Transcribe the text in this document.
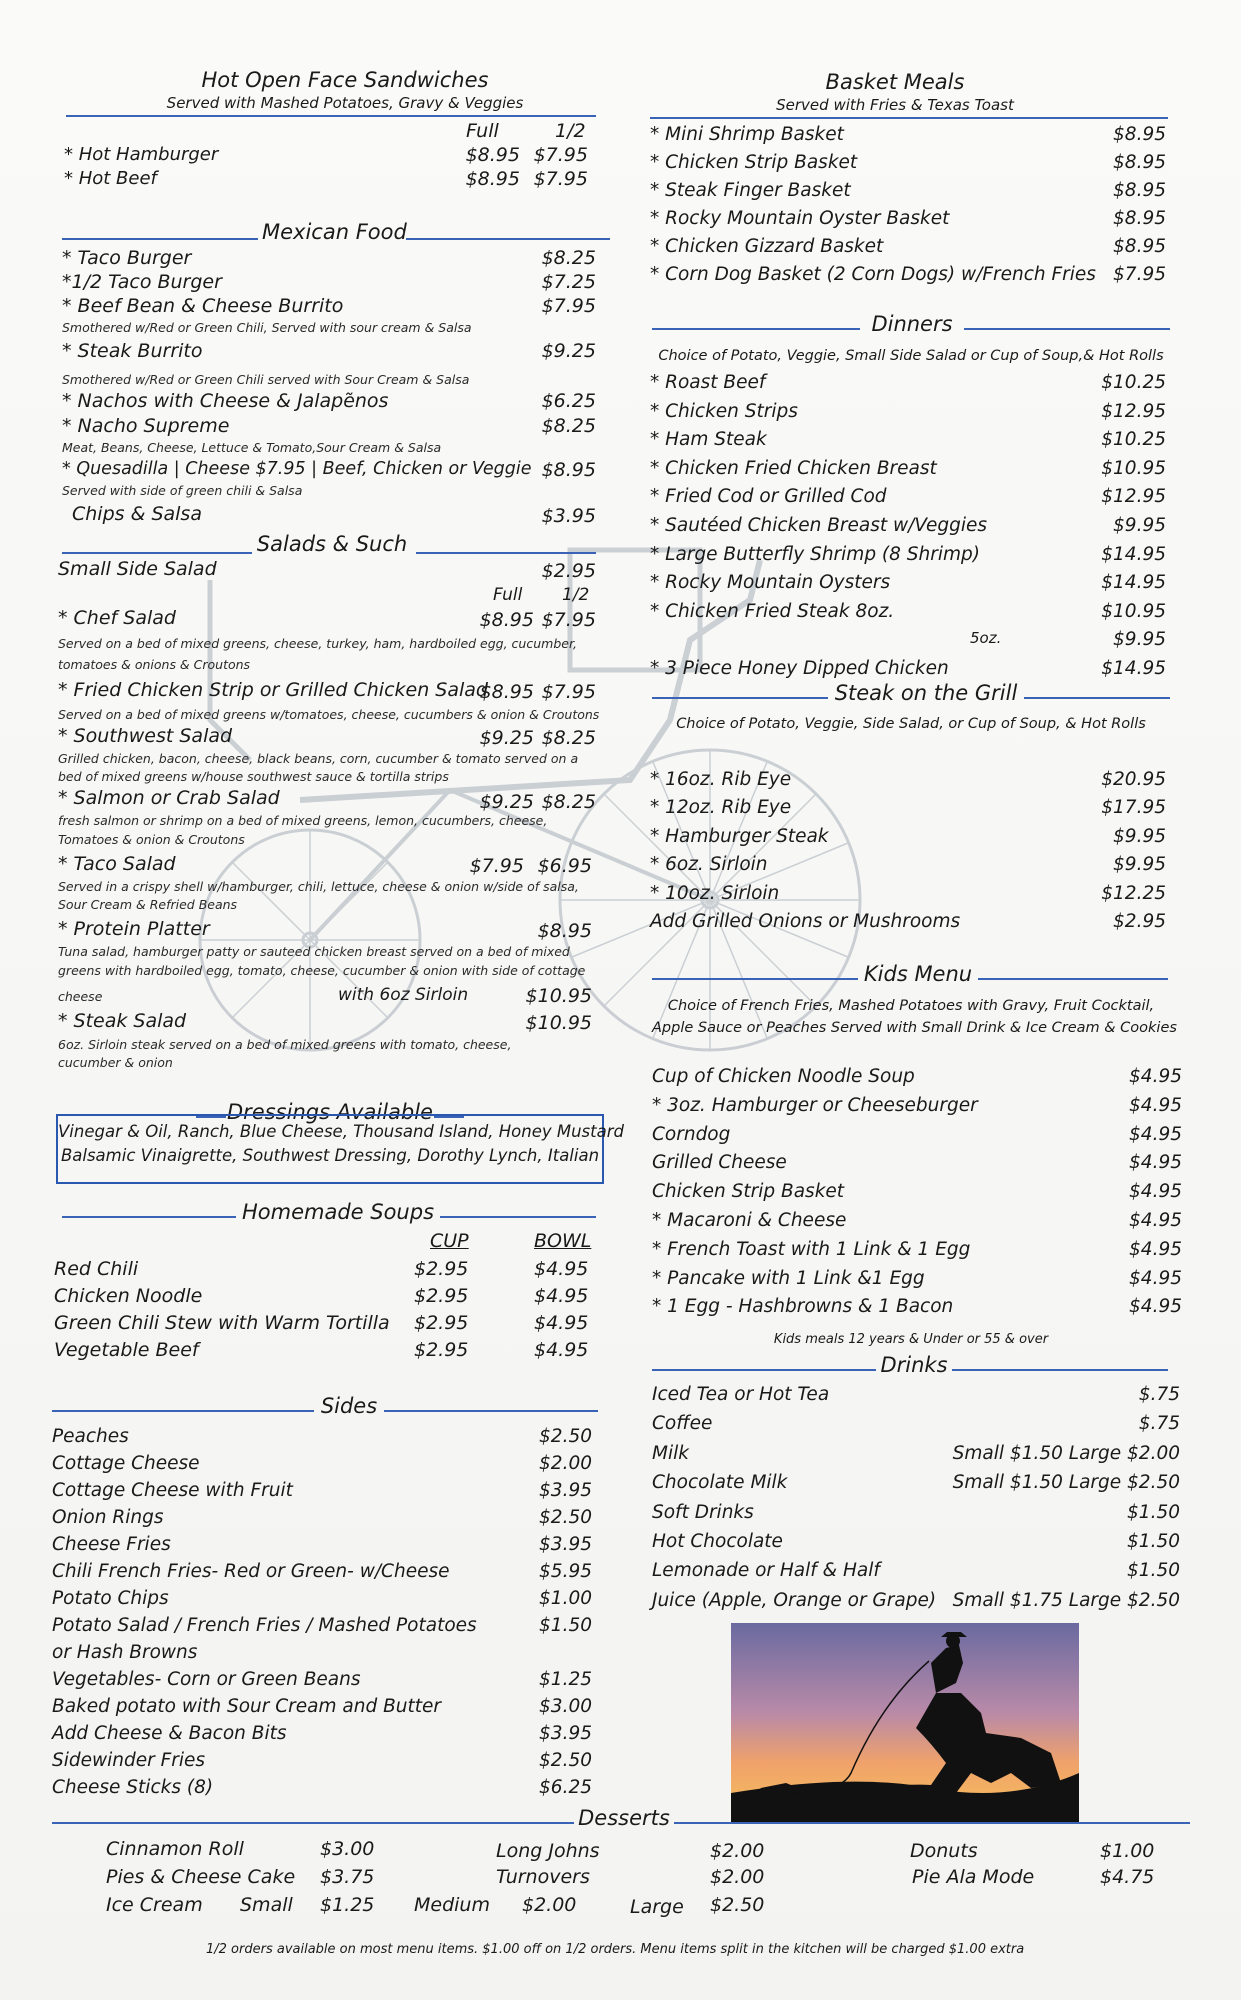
Hot Open Face Sandwiches
Served with Mashed Potatoes, Gravy & Veggies
Full	1/2
* Hot Hamburger	$8.95 $7.95
* Hot Beef	$8.95 $7.95
Mexican Food
* Taco Burger	$8.25
*1/2 Taco Burger	$7.25
* Beef Bean & Cheese Burrito	$7.95
Smothered w/Red or Green Chili, Served with sour cream & Salsa
* Steak Burrito	$9.25
Smothered w/Red or Green Chili served with Sour Cream & Salsa
* Nachos with Cheese & Jalapẽnos	$6.25
* Nacho Supreme	$8.25
Meat, Beans, Cheese, Lettuce & Tomato,Sour Cream & Salsa
* Quesadilla | Cheese $7.95 | Beef, Chicken or Veggie $8.95
Served with side of green chili & Salsa
Chips & Salsa	$3.95
Salads & Such
Small Side Salad	$2.95
Full 1/2
* Chef Salad	$8.95 $7.95
Served on a bed of mixed greens, cheese, turkey, ham, hardboiled egg, cucumber,
tomatoes & onions & Croutons
* Fried Chicken Strip or Grilled Chicken Salad
$8.95 $7.95
Served on a bed of mixed greens w/tomatoes, cheese, cucumbers & onion & Croutons
* Southwest Salad	$9.25 $8.25
Grilled chicken, bacon, cheese, black beans, corn, cucumber & tomato served on a
bed of mixed greens w/house southwest sauce & tortilla strips
* Salmon or Crab Salad	$9.25 $8.25
fresh salmon or shrimp on a bed of mixed greens, lemon, cucumbers, cheese,
Tomatoes & onion & Croutons
* Taco Salad	$7.95 $6.95
Served in a crispy shell w/hamburger, chili, lettuce, cheese & onion w/side of salsa,
Sour Cream & Refried Beans
* Protein Platter	$8.95
Tuna salad, hamburger patty or sauteed chicken breast served on a bed of mixed
greens with hardboiled egg, tomato, cheese, cucumber & onion with side of cottage
cheese	with 6oz Sirloin	$10.95
* Steak Salad	$10.95
6oz. Sirloin steak served on a bed of mixed greens with tomato, cheese,
cucumber & onion
Dressings Available
Vinegar & Oil, Ranch, Blue Cheese, Thousand Island, Honey Mustard
Balsamic Vinaigrette, Southwest Dressing, Dorothy Lynch, Italian
Homemade Soups
CUP	BOWL
Red Chili	$2.95	$4.95
Chicken Noodle	$2.95	$4.95
Green Chili Stew with Warm Tortilla $2.95	$4.95
Vegetable Beef	$2.95	$4.95
Sides
Peaches	$2.50
Cottage Cheese	$2.00
Cottage Cheese with Fruit	$3.95
Onion Rings	$2.50
Cheese Fries	$3.95
Chili French Fries- Red or Green- w/Cheese	$5.95
Potato Chips	$1.00
Potato Salad / French Fries / Mashed Potatoes	$1.50
or Hash Browns
Vegetables- Corn or Green Beans	$1.25
Baked potato with Sour Cream and Butter	$3.00
Add Cheese & Bacon Bits	$3.95
Sidewinder Fries	$2.50
Cheese Sticks (8)	$6.25
Basket Meals
Served with Fries & Texas Toast
* Mini Shrimp Basket	$8.95
* Chicken Strip Basket	$8.95
* Steak Finger Basket	$8.95
* Rocky Mountain Oyster Basket	$8.95
* Chicken Gizzard Basket	$8.95
* Corn Dog Basket (2 Corn Dogs) w/French Fries $7.95
Dinners
Choice of Potato, Veggie, Small Side Salad or Cup of Soup,& Hot Rolls
* Roast Beef	$10.25
* Chicken Strips	$12.95
* Ham Steak	$10.25
* Chicken Fried Chicken Breast	$10.95
* Fried Cod or Grilled Cod	$12.95
* Sautéed Chicken Breast w/Veggies	$9.95
* Large Butterfly Shrimp (8 Shrimp)	$14.95
* Rocky Mountain Oysters	$14.95
* Chicken Fried Steak 8oz.	$10.95
5oz.	$9.95
* 3 Piece Honey Dipped Chicken	$14.95
Steak on the Grill
Choice of Potato, Veggie, Side Salad, or Cup of Soup, & Hot Rolls
* 16oz. Rib Eye	$20.95
* 12oz. Rib Eye	$17.95
* Hamburger Steak	$9.95
* 6oz. Sirloin	$9.95
* 10oz. Sirloin	$12.25
Add Grilled Onions or Mushrooms	$2.95
Kids Menu
Choice of French Fries, Mashed Potatoes with Gravy, Fruit Cocktail,
Apple Sauce or Peaches Served with Small Drink & Ice Cream & Cookies
Cup of Chicken Noodle Soup	$4.95
* 3oz. Hamburger or Cheeseburger	$4.95
Corndog	$4.95
Grilled Cheese	$4.95
Chicken Strip Basket	$4.95
* Macaroni & Cheese	$4.95
* French Toast with 1 Link & 1 Egg	$4.95
* Pancake with 1 Link &1 Egg	$4.95
* 1 Egg - Hashbrowns & 1 Bacon	$4.95
Kids meals 12 years & Under or 55 & over
Drinks
Iced Tea or Hot Tea	$.75
Coffee	$.75
Milk	Small $1.50 Large $2.00
Chocolate Milk	Small $1.50 Large $2.50
Soft Drinks	$1.50
Hot Chocolate	$1.50
Lemonade or Half & Half	$1.50
Juice (Apple, Orange or Grape) Small $1.75 Large $2.50
Desserts
Cinnamon Roll	$3.00	Long Johns	$2.00	Donuts	$1.00
Pies & Cheese Cake $3.75	Turnovers	$2.00	Pie Ala Mode	$4.75
Ice Cream Small $1.25 Medium $2.00	Large $2.50
1/2 orders available on most menu items. $1.00 off on 1/2 orders. Menu items split in the kitchen will be charged $1.00 extra
